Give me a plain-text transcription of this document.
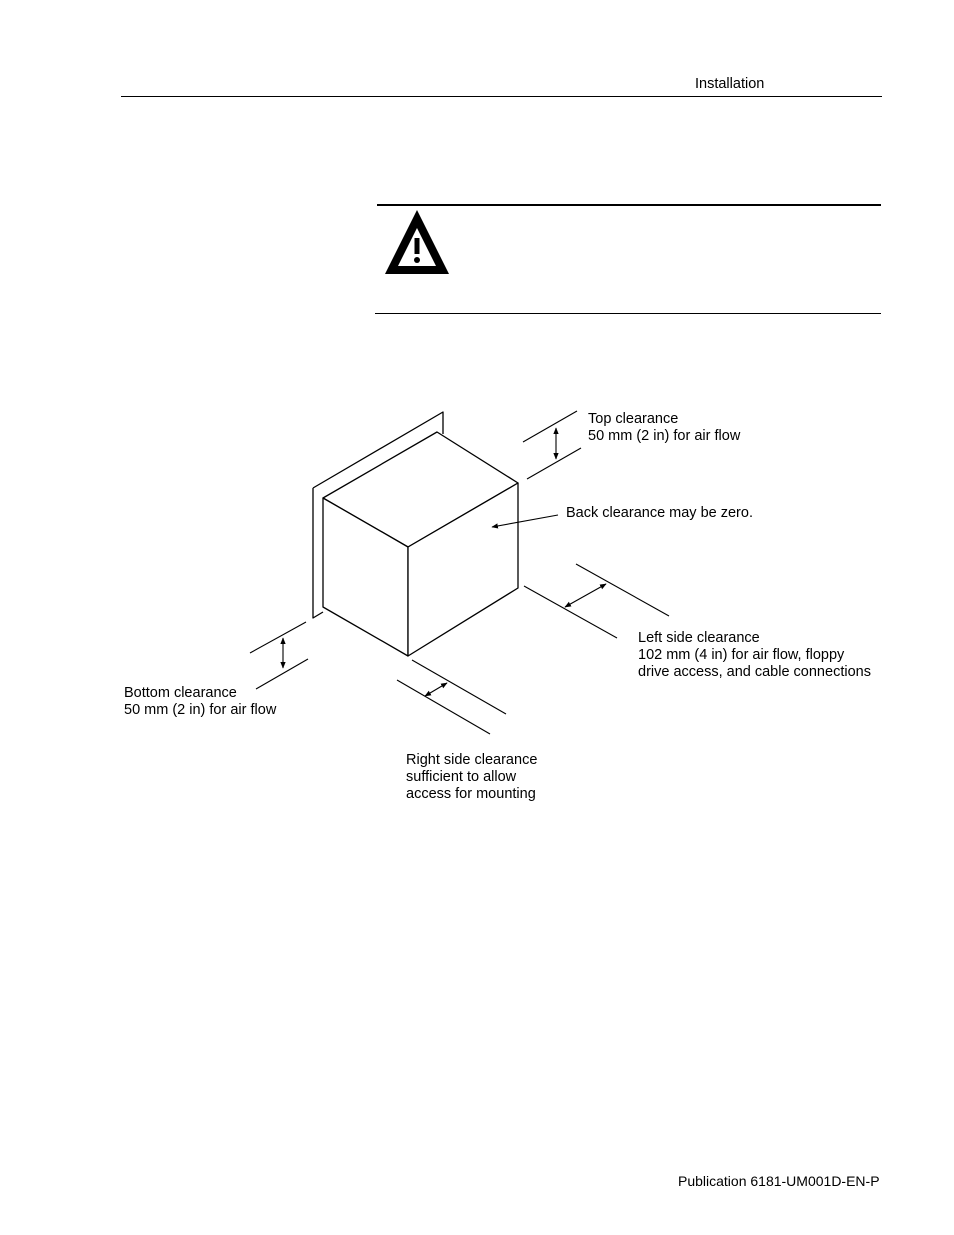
Installation
Top clearance
50 mm (2 in) for air flow
Back clearance may be zero.
Left side clearance
102 mm (4 in) for air flow, floppy
drive access, and cable connections
Bottom clearance
50 mm (2 in) for air flow
Right side clearance
sufficient to allow
access for mounting
Publication 6181-UM001D-EN-P
